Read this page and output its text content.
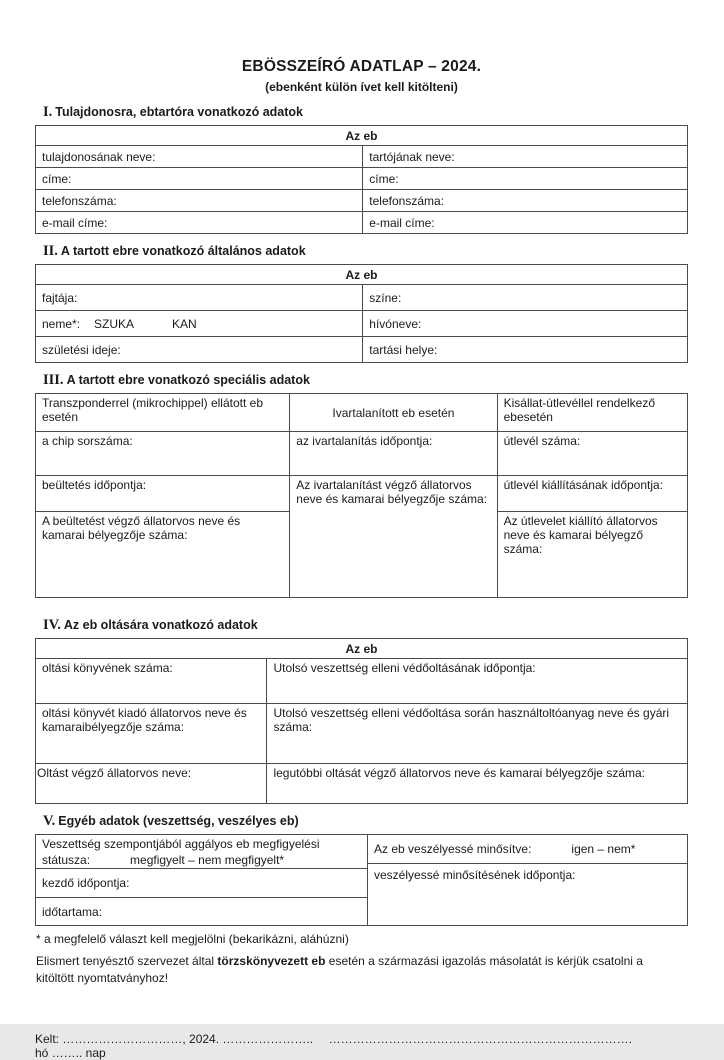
EBÖSSZEÍRÓ ADATLAP – 2024.
(ebenként külön ívet kell kitölteni)
I. Tulajdonosra, ebtartóra vonatkozó adatok
Az eb	
tulajdonosának neve:	tartójának neve:
címe:	címe:
telefonszáma:	telefonszáma:
e-mail címe:	e-mail címe:
II. A tartott ebre vonatkozó általános adatok
Az eb	
fajtája:	színe:
neme*: SZUKA KAN	hívóneve:
születési ideje:	tartási helye:
III. A tartott ebre vonatkozó speciális adatok
Transzponderrel (mikrochippel) ellátott eb esetén	Ivartalanított eb esetén	Kisállat-útlevéllel rendelkező ebesetén
a chip sorszáma:	az ivartalanítás időpontja:	útlevél száma:
beültetés időpontja:	Az ivartalanítást végző állatorvos neve és kamarai bélyegzője száma:	útlevél kiállításának időpontja:
A beültetést végző állatorvos neve és kamarai bélyegzője száma:		Az útlevelet kiállító állatorvos neve és kamarai bélyegző száma:
IV. Az eb oltására vonatkozó adatok
Az eb	
oltási könyvének száma:	Utolsó veszettség elleni védőoltásának időpontja:
oltási könyvét kiadó állatorvos neve és kamaraibélyegzője száma:	Utolsó veszettség elleni védőoltása során használtoltóanyag neve és gyári száma:
Oltást végző állatorvos neve:	legutóbbi oltását végző állatorvos neve és kamarai bélyegzője száma:
V. Egyéb adatok (veszettség, veszélyes eb)
Veszettség szempontjából aggályos eb megfigyelési
státusza:	megfigyelt – nem megfigyelt*
kezdő időpontja:
időtartama:
Az eb veszélyessé minősítve:	igen – nem*
veszélyessé minősítésének időpontja:
* a megfelelő választ kell megjelölni (bekarikázni, aláhúzni)
Elismert tenyésztő szervezet által törzskönyvezett eb esetén a származási igazolás másolatát is kérjük csatolni a kitöltött nyomtatványhoz!
Kelt: …………………………, 2024. ………………….. hó …….. nap
………………………………………………………………….
